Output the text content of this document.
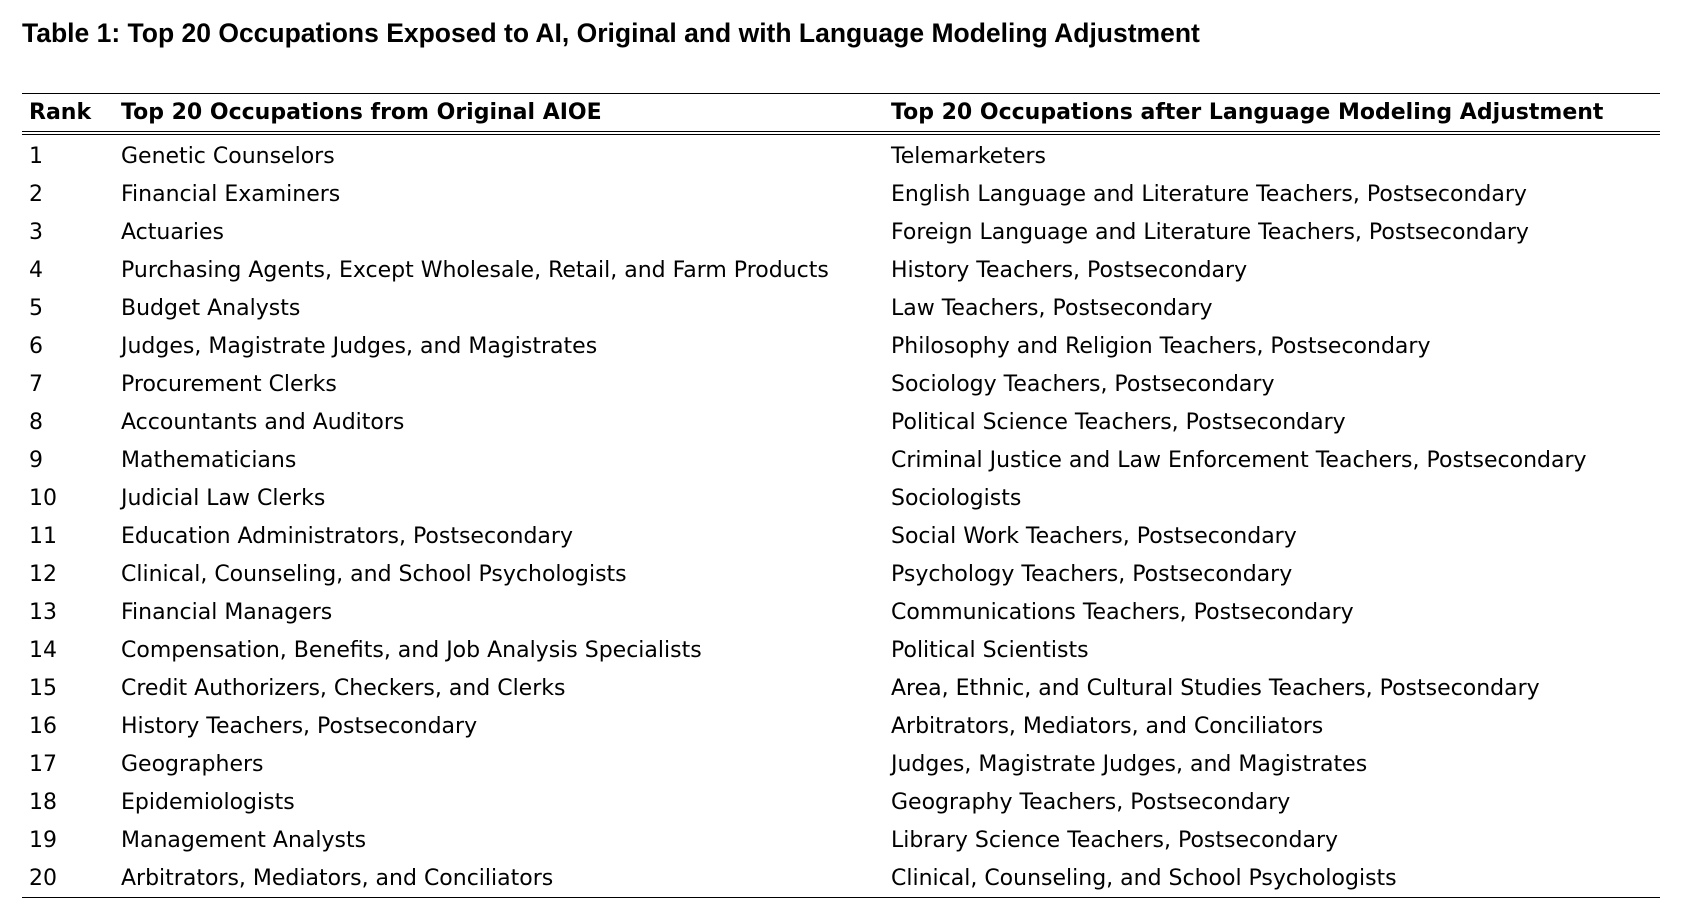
Table 1: Top 20 Occupations Exposed to AI, Original and with Language Modeling Adjustment
Rank	Top 20 Occupations from Original AIOE	Top 20 Occupations after Language Modeling Adjustment
1	Genetic Counselors	Telemarketers
2	Financial Examiners	English Language and Literature Teachers, Postsecondary
3	Actuaries	Foreign Language and Literature Teachers, Postsecondary
4	Purchasing Agents, Except Wholesale, Retail, and Farm Products	History Teachers, Postsecondary
5	Budget Analysts	Law Teachers, Postsecondary
6	Judges, Magistrate Judges, and Magistrates	Philosophy and Religion Teachers, Postsecondary
7	Procurement Clerks	Sociology Teachers, Postsecondary
8	Accountants and Auditors	Political Science Teachers, Postsecondary
9	Mathematicians	Criminal Justice and Law Enforcement Teachers, Postsecondary
10	Judicial Law Clerks	Sociologists
11	Education Administrators, Postsecondary	Social Work Teachers, Postsecondary
12	Clinical, Counseling, and School Psychologists	Psychology Teachers, Postsecondary
13	Financial Managers	Communications Teachers, Postsecondary
14	Compensation, Benefits, and Job Analysis Specialists	Political Scientists
15	Credit Authorizers, Checkers, and Clerks	Area, Ethnic, and Cultural Studies Teachers, Postsecondary
16	History Teachers, Postsecondary	Arbitrators, Mediators, and Conciliators
17	Geographers	Judges, Magistrate Judges, and Magistrates
18	Epidemiologists	Geography Teachers, Postsecondary
19	Management Analysts	Library Science Teachers, Postsecondary
20	Arbitrators, Mediators, and Conciliators	Clinical, Counseling, and School Psychologists
